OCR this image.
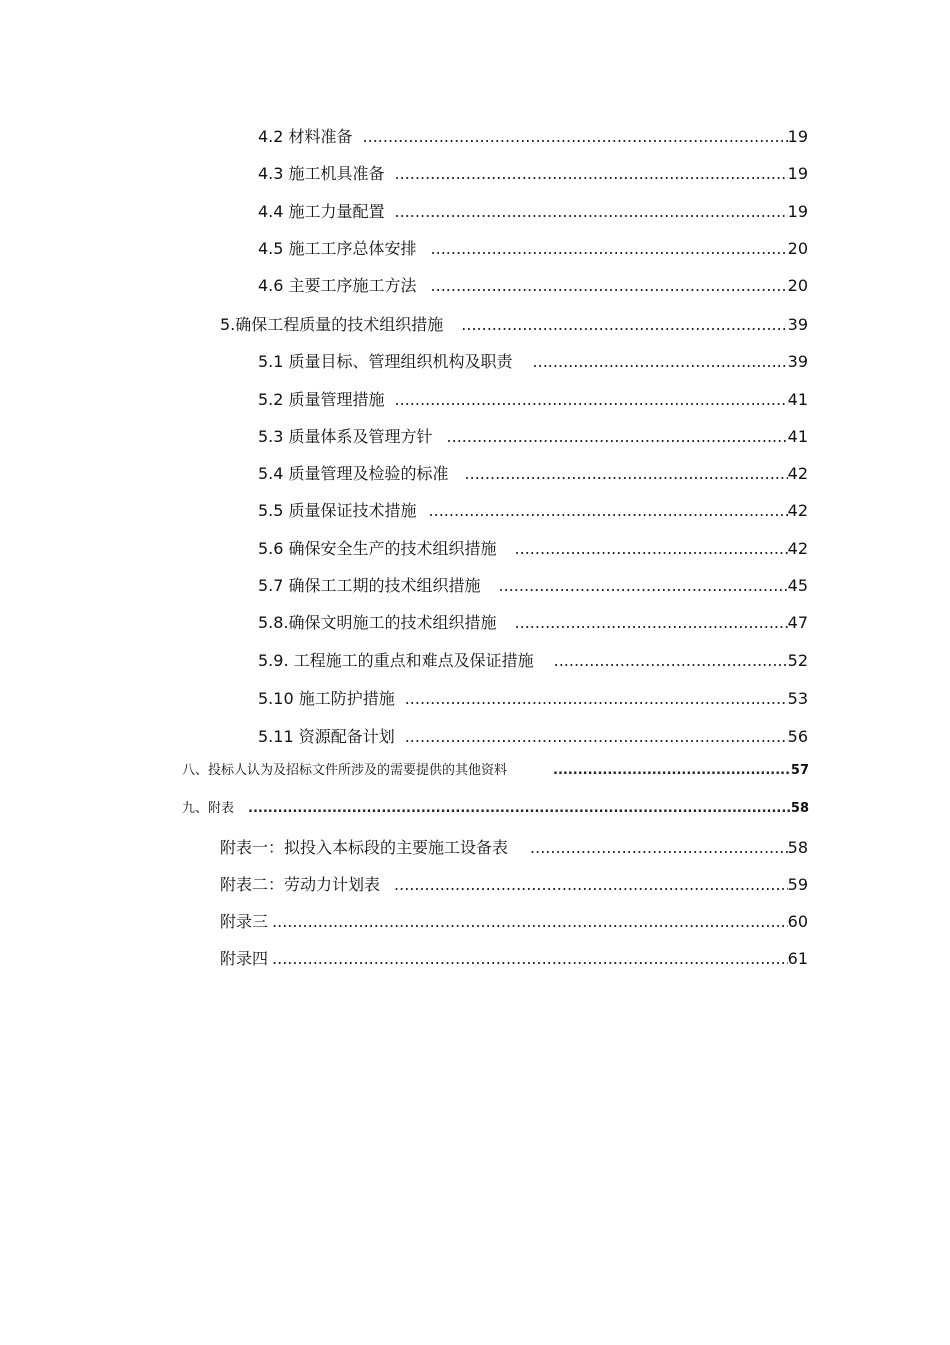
4.2 材料准备 .....	19
4.3 施工机具准备 .....	19
4.4 施工力量配置 .....	19
4.5 施工工序总体安排 .....	20
4.6 主要工序施工方法 .....	20
5.确保工程质量的技术组织措施 .....	39
5.1 质量目标、管理组织机构及职责 .....	39
5.2 质量管理措施 .....	41
5.3 质量体系及管理方针 .....	41
5.4 质量管理及检验的标准 .....	42
5.5 质量保证技术措施 .....	42
5.6 确保安全生产的技术组织措施 .....	42
5.7 确保工工期的技术组织措施 .....	45
5.8.确保文明施工的技术组织措施 .....	47
5.9. 工程施工的重点和难点及保证措施 .....	52
5.10 施工防护措施 .....	53
5.11 资源配备计划 .....	56
八、投标人认为及招标文件所涉及的需要提供的其他资料 .....	57
九、附表 .....	58
附表一：拟投入本标段的主要施工设备表 .....	58
附表二：劳动力计划表 .....	59
附录三 .....	60
附录四 .....	61
